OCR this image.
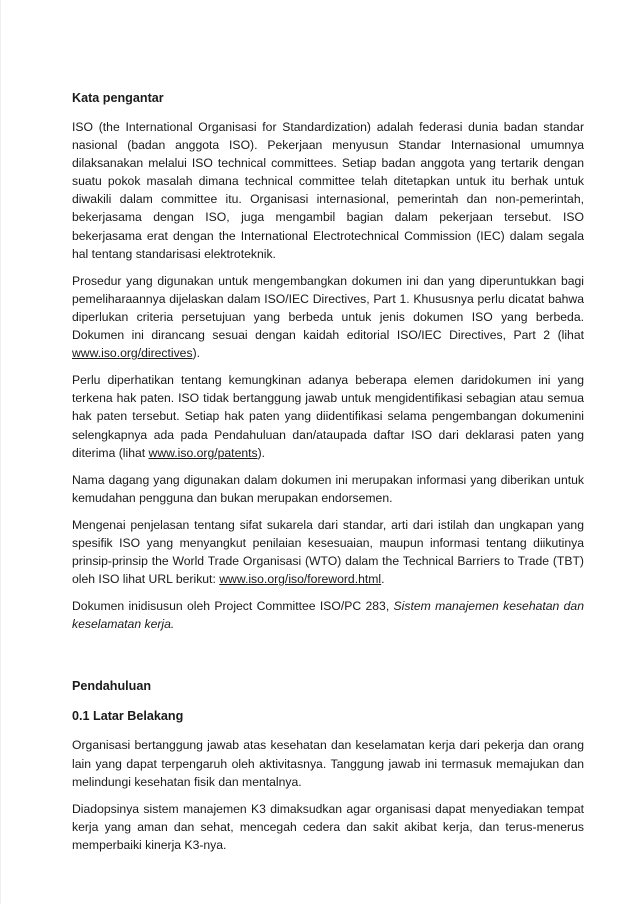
Kata pengantar

ISO (the International Organisasi for Standardization) adalah federasi dunia badan standar nasional (badan anggota ISO). Pekerjaan menyusun Standar Internasional umumnya dilaksanakan melalui ISO technical committees. Setiap badan anggota yang tertarik dengan suatu pokok masalah dimana technical committee telah ditetapkan untuk itu berhak untuk diwakili dalam committee itu. Organisasi internasional, pemerintah dan non-pemerintah, bekerjasama dengan ISO, juga mengambil bagian dalam pekerjaan tersebut. ISO bekerjasama erat dengan the International Electrotechnical Commission (IEC) dalam segala hal tentang standarisasi elektroteknik.

Prosedur yang digunakan untuk mengembangkan dokumen ini dan yang diperuntukkan bagi pemeliharaannya dijelaskan dalam ISO/IEC Directives, Part 1. Khususnya perlu dicatat bahwa diperlukan criteria persetujuan yang berbeda untuk jenis dokumen ISO yang berbeda. Dokumen ini dirancang sesuai dengan kaidah editorial ISO/IEC Directives, Part 2 (lihat www.iso.org/directives).

Perlu diperhatikan tentang kemungkinan adanya beberapa elemen daridokumen ini yang terkena hak paten. ISO tidak bertanggung jawab untuk mengidentifikasi sebagian atau semua hak paten tersebut. Setiap hak paten yang diidentifikasi selama pengembangan dokumenini selengkapnya ada pada Pendahuluan dan/ataupada daftar ISO dari deklarasi paten yang diterima (lihat www.iso.org/patents).

Nama dagang yang digunakan dalam dokumen ini merupakan informasi yang diberikan untuk kemudahan pengguna dan bukan merupakan endorsemen.

Mengenai penjelasan tentang sifat sukarela dari standar, arti dari istilah dan ungkapan yang spesifik ISO yang menyangkut penilaian kesesuaian, maupun informasi tentang diikutinya prinsip-prinsip the World Trade Organisasi (WTO) dalam the Technical Barriers to Trade (TBT) oleh ISO lihat URL berikut: www.iso.org/iso/foreword.html.

Dokumen inidisusun oleh Project Committee ISO/PC 283, Sistem manajemen kesehatan dan keselamatan kerja.

Pendahuluan
0.1 Latar Belakang

Organisasi bertanggung jawab atas kesehatan dan keselamatan kerja dari pekerja dan orang lain yang dapat terpengaruh oleh aktivitasnya. Tanggung jawab ini termasuk memajukan dan melindungi kesehatan fisik dan mentalnya.

Diadopsinya sistem manajemen K3 dimaksudkan agar organisasi dapat menyediakan tempat kerja yang aman dan sehat, mencegah cedera dan sakit akibat kerja, dan terus-menerus memperbaiki kinerja K3-nya.
